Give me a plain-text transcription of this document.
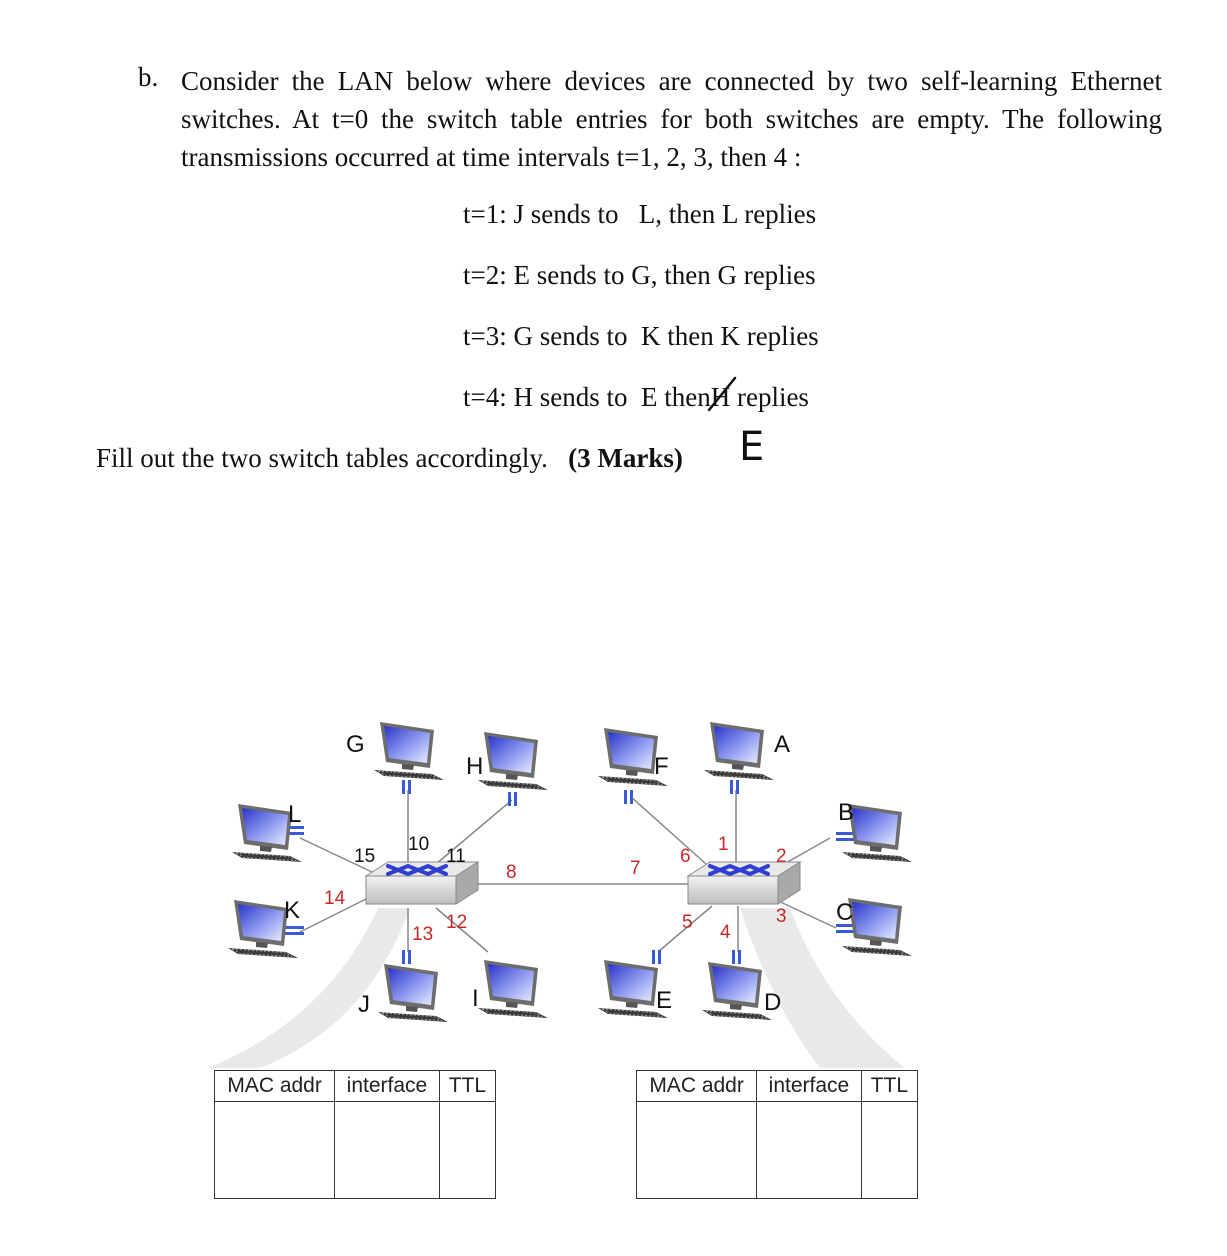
b. Consider the LAN below where devices are connected by two self-learning Ethernet switches. At t=0 the switch table entries for both switches are empty. The following transmissions occurred at time intervals t=1, 2, 3, then 4 :
t=1: J sends to   L, then L replies
t=2: E sends to G, then G replies
t=3: G sends to  K then K replies
t=4: H sends to  E thenH
replies
E
Fill out the two switch tables accordingly.   (3 Marks)
G
H
L
K
J	I
F
A
B
C
E	D
15
10
11
14
8
12
13
7
6
1
2
3
5 4
MAC addr	interface	TTL
			MAC addr	interface	TTL
